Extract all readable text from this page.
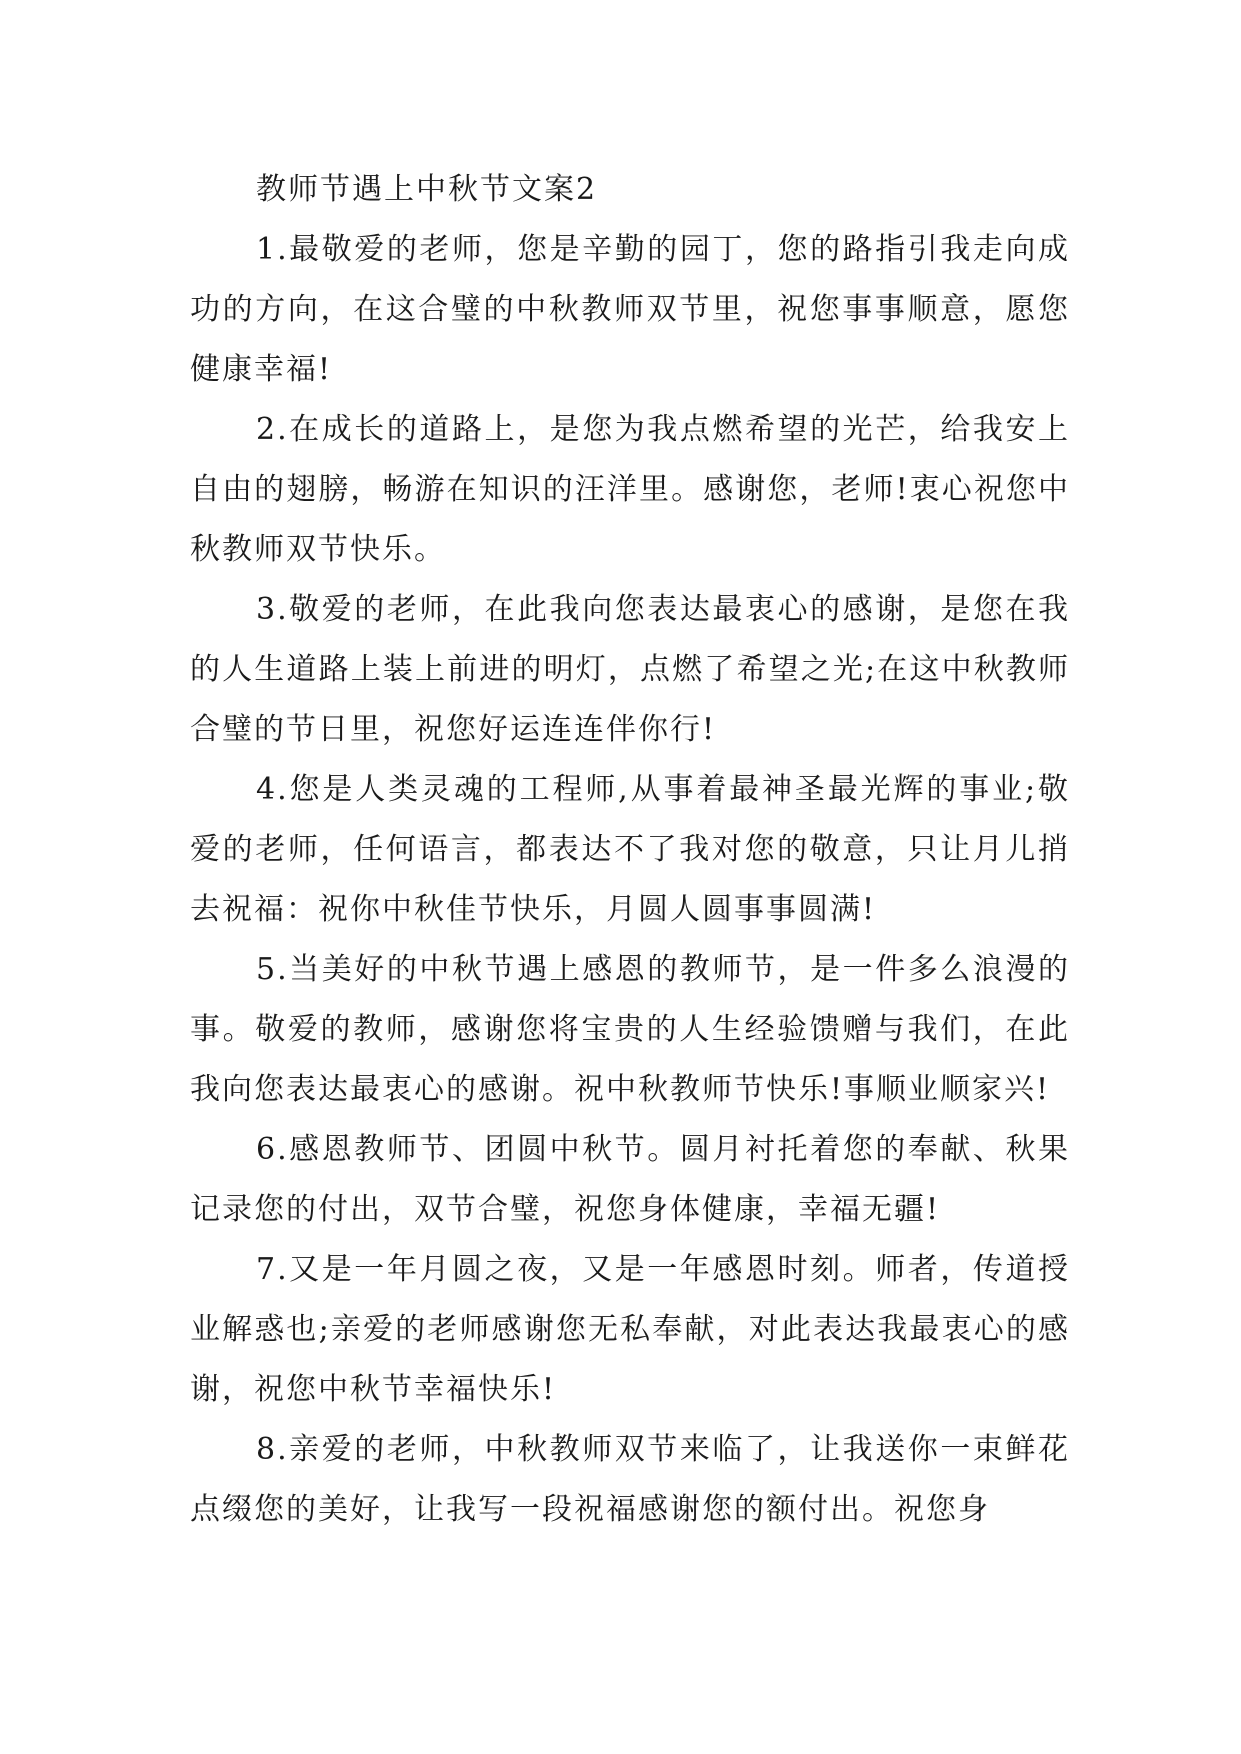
教师节遇上中秋节文案2

1.最敬爱的老师，您是辛勤的园丁，您的路指引我走向成功的方向，在这合璧的中秋教师双节里，祝您事事顺意，愿您健康幸福!

2.在成长的道路上，是您为我点燃希望的光芒，给我安上自由的翅膀，畅游在知识的汪洋里。感谢您，老师!衷心祝您中秋教师双节快乐。

3.敬爱的老师，在此我向您表达最衷心的感谢，是您在我的人生道路上装上前进的明灯，点燃了希望之光;在这中秋教师合璧的节日里，祝您好运连连伴你行!

4.您是人类灵魂的工程师,从事着最神圣最光辉的事业;敬爱的老师，任何语言，都表达不了我对您的敬意，只让月儿捎去祝福：祝你中秋佳节快乐，月圆人圆事事圆满!

5.当美好的中秋节遇上感恩的教师节，是一件多么浪漫的事。敬爱的教师，感谢您将宝贵的人生经验馈赠与我们，在此我向您表达最衷心的感谢。祝中秋教师节快乐!事顺业顺家兴!

6.感恩教师节、团圆中秋节。圆月衬托着您的奉献、秋果记录您的付出，双节合璧，祝您身体健康，幸福无疆!

7.又是一年月圆之夜，又是一年感恩时刻。师者，传道授业解惑也;亲爱的老师感谢您无私奉献，对此表达我最衷心的感谢，祝您中秋节幸福快乐!

8.亲爱的老师，中秋教师双节来临了，让我送你一束鲜花点缀您的美好，让我写一段祝福感谢您的额付出。祝您身
